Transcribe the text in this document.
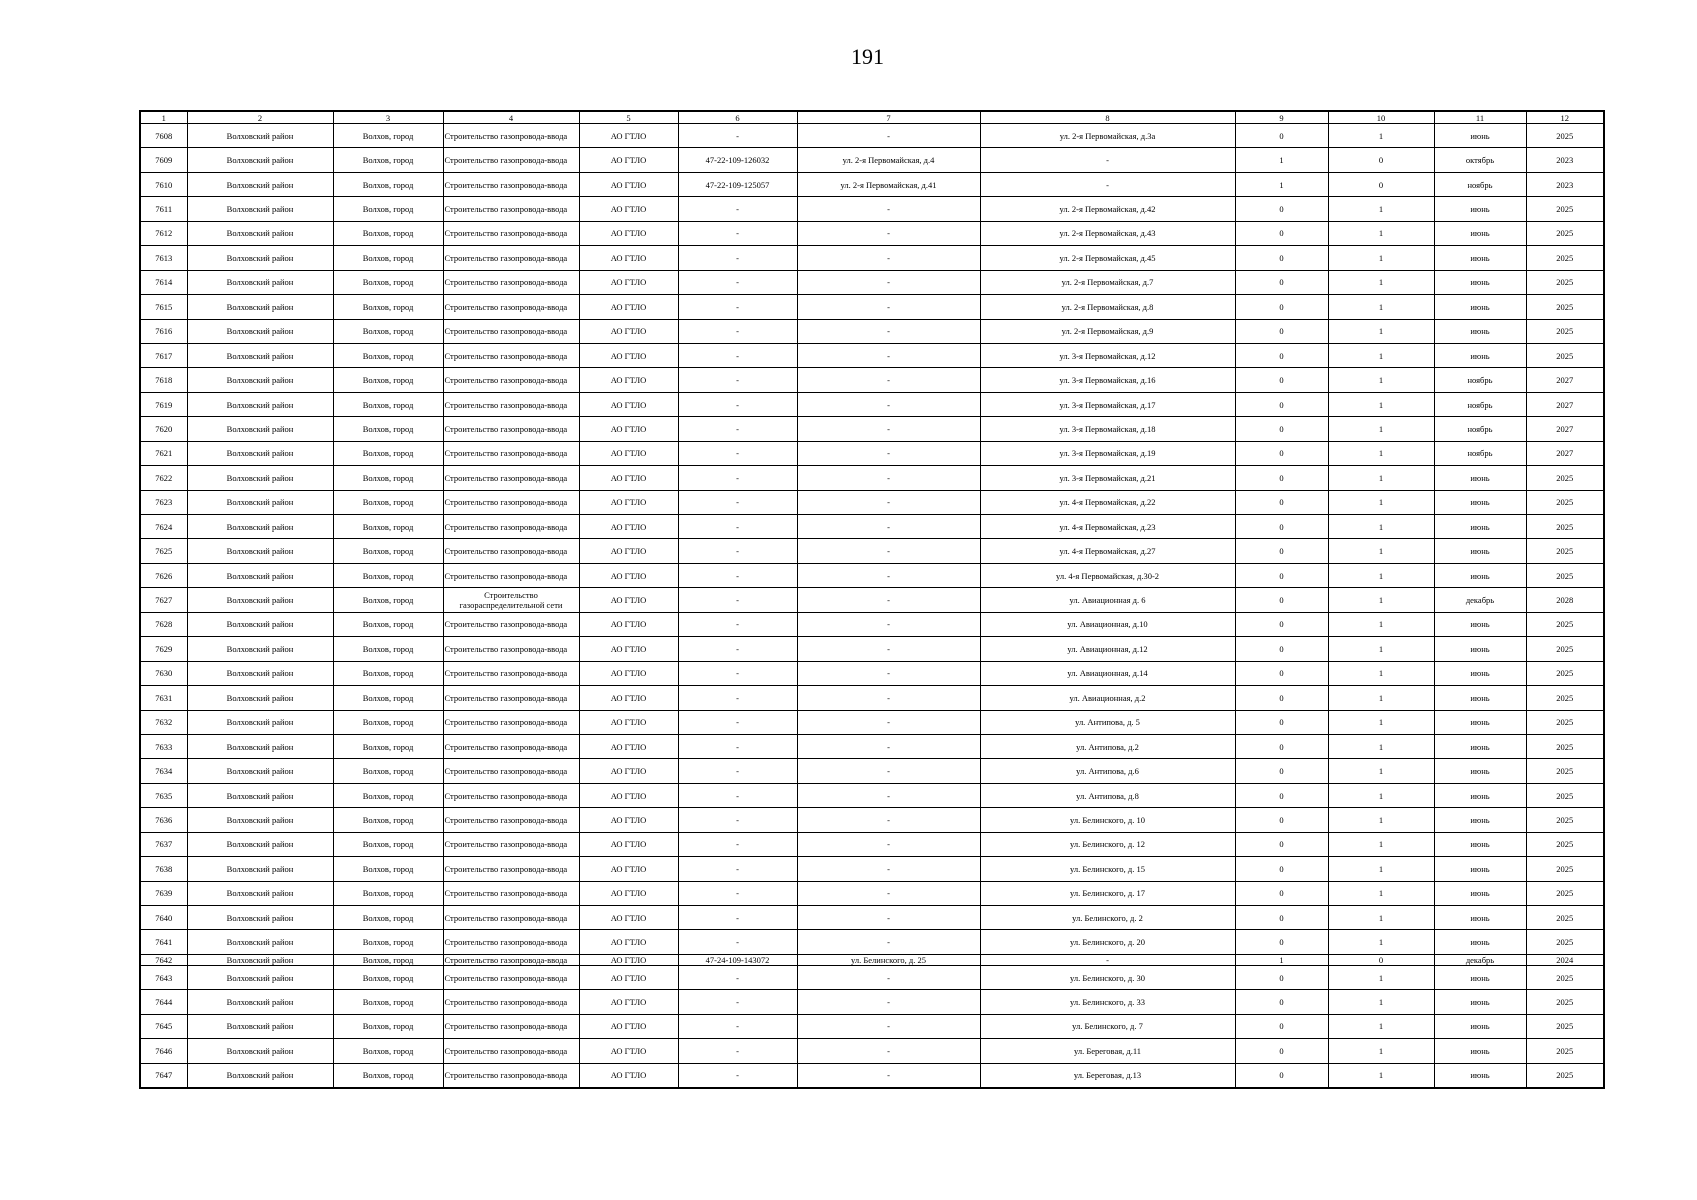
191
1	2	3	4	5	6	7	8	9	10	11	12
7608	Волховский район	Волхов, город	Строительство газопровода-ввода	АО ГТЛО	-	-	ул. 2-я Первомайская, д.3а	0	1	июнь	2025
7609	Волховский район	Волхов, город	Строительство газопровода-ввода	АО ГТЛО	47-22-109-126032	ул. 2-я Первомайская, д.4	-	1	0	октябрь	2023
7610	Волховский район	Волхов, город	Строительство газопровода-ввода	АО ГТЛО	47-22-109-125057	ул. 2-я Первомайская, д.41	-	1	0	ноябрь	2023
7611	Волховский район	Волхов, город	Строительство газопровода-ввода	АО ГТЛО	-	-	ул. 2-я Первомайская, д.42	0	1	июнь	2025
7612	Волховский район	Волхов, город	Строительство газопровода-ввода	АО ГТЛО	-	-	ул. 2-я Первомайская, д.43	0	1	июнь	2025
7613	Волховский район	Волхов, город	Строительство газопровода-ввода	АО ГТЛО	-	-	ул. 2-я Первомайская, д.45	0	1	июнь	2025
7614	Волховский район	Волхов, город	Строительство газопровода-ввода	АО ГТЛО	-	-	ул. 2-я Первомайская, д.7	0	1	июнь	2025
7615	Волховский район	Волхов, город	Строительство газопровода-ввода	АО ГТЛО	-	-	ул. 2-я Первомайская, д.8	0	1	июнь	2025
7616	Волховский район	Волхов, город	Строительство газопровода-ввода	АО ГТЛО	-	-	ул. 2-я Первомайская, д.9	0	1	июнь	2025
7617	Волховский район	Волхов, город	Строительство газопровода-ввода	АО ГТЛО	-	-	ул. 3-я Первомайская, д.12	0	1	июнь	2025
7618	Волховский район	Волхов, город	Строительство газопровода-ввода	АО ГТЛО	-	-	ул. 3-я Первомайская, д.16	0	1	ноябрь	2027
7619	Волховский район	Волхов, город	Строительство газопровода-ввода	АО ГТЛО	-	-	ул. 3-я Первомайская, д.17	0	1	ноябрь	2027
7620	Волховский район	Волхов, город	Строительство газопровода-ввода	АО ГТЛО	-	-	ул. 3-я Первомайская, д.18	0	1	ноябрь	2027
7621	Волховский район	Волхов, город	Строительство газопровода-ввода	АО ГТЛО	-	-	ул. 3-я Первомайская, д.19	0	1	ноябрь	2027
7622	Волховский район	Волхов, город	Строительство газопровода-ввода	АО ГТЛО	-	-	ул. 3-я Первомайская, д.21	0	1	июнь	2025
7623	Волховский район	Волхов, город	Строительство газопровода-ввода	АО ГТЛО	-	-	ул. 4-я Первомайская, д.22	0	1	июнь	2025
7624	Волховский район	Волхов, город	Строительство газопровода-ввода	АО ГТЛО	-	-	ул. 4-я Первомайская, д.23	0	1	июнь	2025
7625	Волховский район	Волхов, город	Строительство газопровода-ввода	АО ГТЛО	-	-	ул. 4-я Первомайская, д.27	0	1	июнь	2025
7626	Волховский район	Волхов, город	Строительство газопровода-ввода	АО ГТЛО	-	-	ул. 4-я Первомайская, д.30-2	0	1	июнь	2025
7627	Волховский район	Волхов, город	Строительство газораспределительной сети	АО ГТЛО	-	-	ул. Авиационная д. 6	0	1	декабрь	2028
7628	Волховский район	Волхов, город	Строительство газопровода-ввода	АО ГТЛО	-	-	ул. Авиационная, д.10	0	1	июнь	2025
7629	Волховский район	Волхов, город	Строительство газопровода-ввода	АО ГТЛО	-	-	ул. Авиационная, д.12	0	1	июнь	2025
7630	Волховский район	Волхов, город	Строительство газопровода-ввода	АО ГТЛО	-	-	ул. Авиационная, д.14	0	1	июнь	2025
7631	Волховский район	Волхов, город	Строительство газопровода-ввода	АО ГТЛО	-	-	ул. Авиационная, д.2	0	1	июнь	2025
7632	Волховский район	Волхов, город	Строительство газопровода-ввода	АО ГТЛО	-	-	ул. Антипова, д. 5	0	1	июнь	2025
7633	Волховский район	Волхов, город	Строительство газопровода-ввода	АО ГТЛО	-	-	ул. Антипова, д.2	0	1	июнь	2025
7634	Волховский район	Волхов, город	Строительство газопровода-ввода	АО ГТЛО	-	-	ул. Антипова, д.6	0	1	июнь	2025
7635	Волховский район	Волхов, город	Строительство газопровода-ввода	АО ГТЛО	-	-	ул. Антипова, д.8	0	1	июнь	2025
7636	Волховский район	Волхов, город	Строительство газопровода-ввода	АО ГТЛО	-	-	ул. Белинского, д. 10	0	1	июнь	2025
7637	Волховский район	Волхов, город	Строительство газопровода-ввода	АО ГТЛО	-	-	ул. Белинского, д. 12	0	1	июнь	2025
7638	Волховский район	Волхов, город	Строительство газопровода-ввода	АО ГТЛО	-	-	ул. Белинского, д. 15	0	1	июнь	2025
7639	Волховский район	Волхов, город	Строительство газопровода-ввода	АО ГТЛО	-	-	ул. Белинского, д. 17	0	1	июнь	2025
7640	Волховский район	Волхов, город	Строительство газопровода-ввода	АО ГТЛО	-	-	ул. Белинского, д. 2	0	1	июнь	2025
7641	Волховский район	Волхов, город	Строительство газопровода-ввода	АО ГТЛО	-	-	ул. Белинского, д. 20	0	1	июнь	2025
7642	Волховский район	Волхов, город	Строительство газопровода-ввода	АО ГТЛО	47-24-109-143072	ул. Белинского, д. 25	-	1	0	декабрь	2024
7643	Волховский район	Волхов, город	Строительство газопровода-ввода	АО ГТЛО	-	-	ул. Белинского, д. 30	0	1	июнь	2025
7644	Волховский район	Волхов, город	Строительство газопровода-ввода	АО ГТЛО	-	-	ул. Белинского, д. 33	0	1	июнь	2025
7645	Волховский район	Волхов, город	Строительство газопровода-ввода	АО ГТЛО	-	-	ул. Белинского, д. 7	0	1	июнь	2025
7646	Волховский район	Волхов, город	Строительство газопровода-ввода	АО ГТЛО	-	-	ул. Береговая, д.11	0	1	июнь	2025
7647	Волховский район	Волхов, город	Строительство газопровода-ввода	АО ГТЛО	-	-	ул. Береговая, д.13	0	1	июнь	2025
